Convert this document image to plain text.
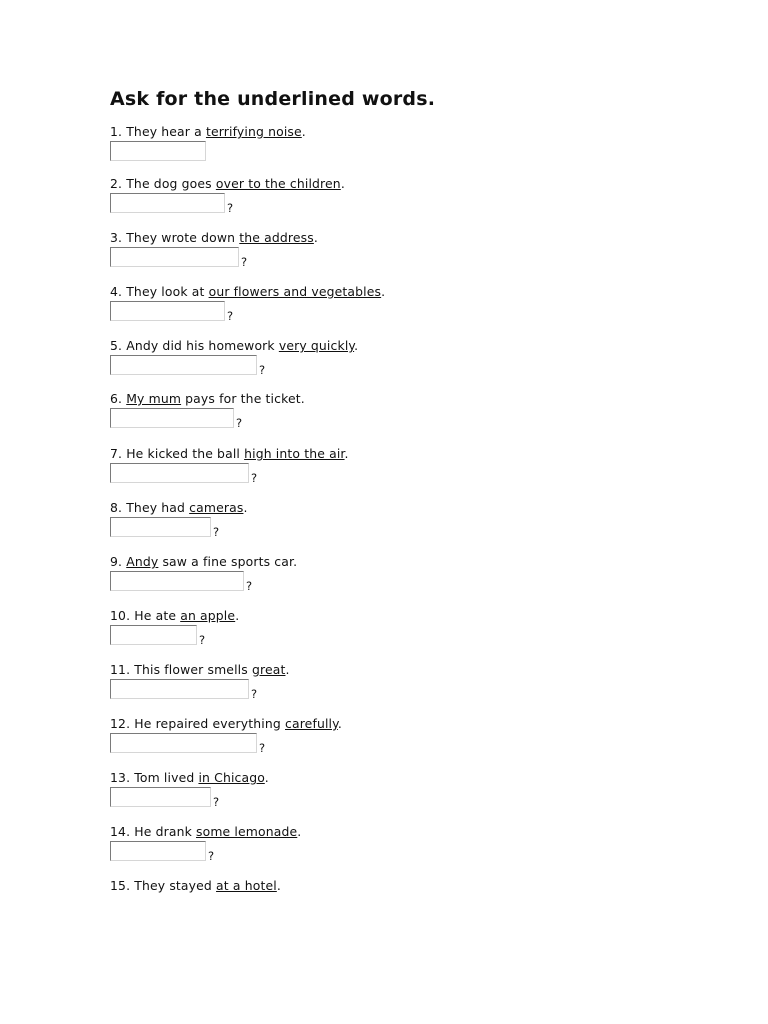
Ask for the underlined words.
1. They hear a terrifying noise.
2. The dog goes over to the children.
?
3. They wrote down the address.
?
4. They look at our flowers and vegetables.
?
5. Andy did his homework very quickly.
?
6. My mum pays for the ticket.
?
7. He kicked the ball high into the air.
?
8. They had cameras.
?
9. Andy saw a fine sports car.
?
10. He ate an apple.
?
11. This flower smells great.
?
12. He repaired everything carefully.
?
13. Tom lived in Chicago.
?
14. He drank some lemonade.
?
15. They stayed at a hotel.
